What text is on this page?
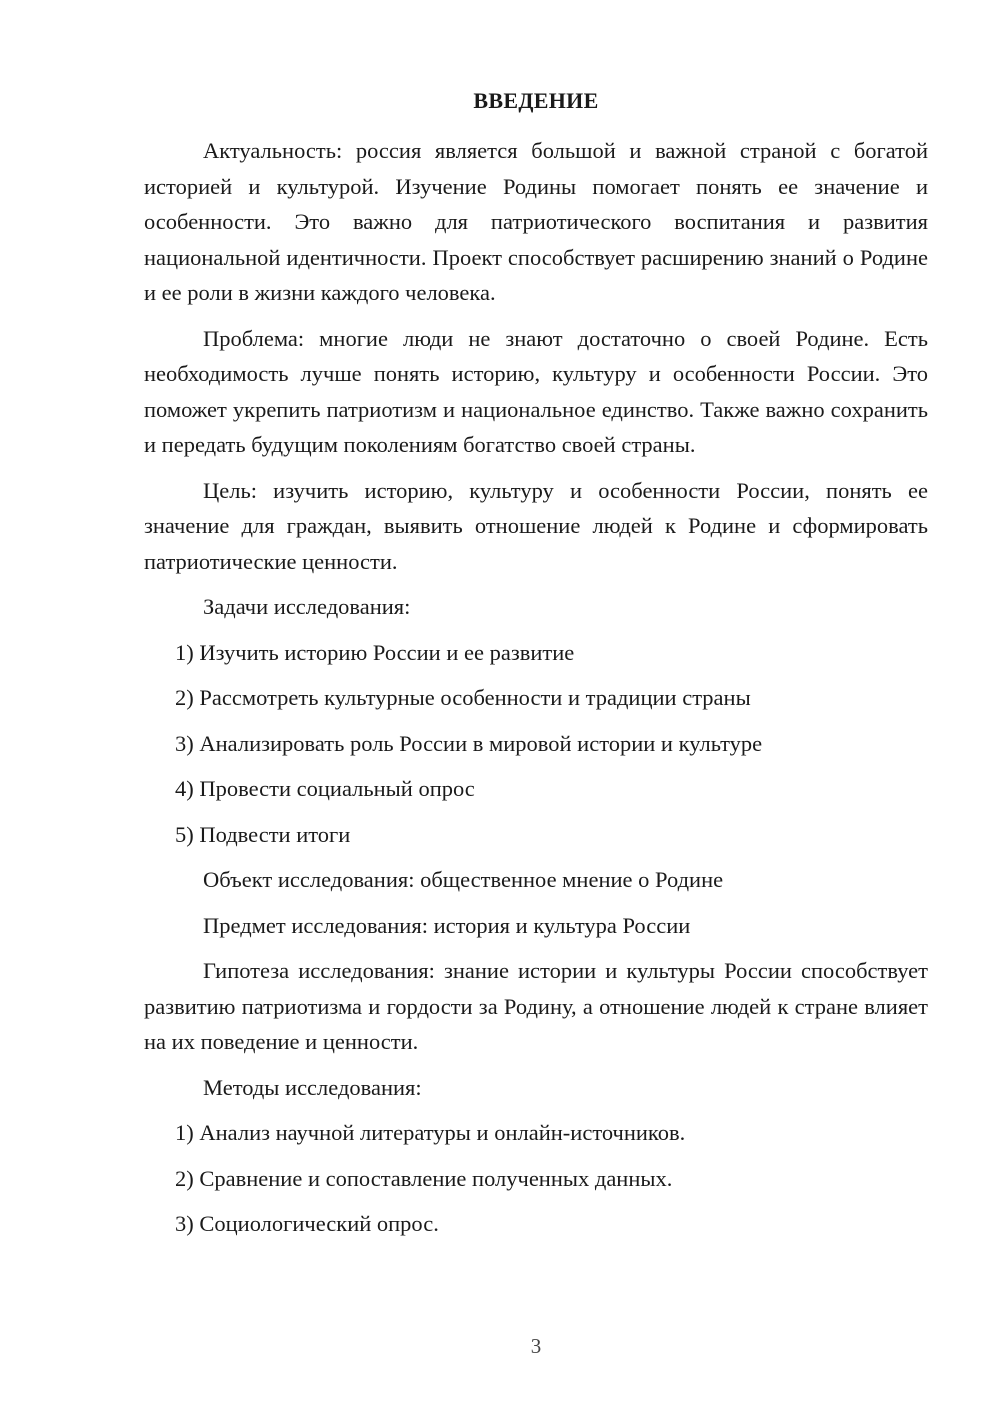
ВВЕДЕНИЕ

Актуальность: россия является большой и важной страной с богатой историей и культурой. Изучение Родины помогает понять ее значение и особенности. Это важно для патриотического воспитания и развития национальной идентичности. Проект способствует расширению знаний о Родине и ее роли в жизни каждого человека.

Проблема: многие люди не знают достаточно о своей Родине. Есть необходимость лучше понять историю, культуру и особенности России. Это поможет укрепить патриотизм и национальное единство. Также важно сохранить и передать будущим поколениям богатство своей страны.

Цель: изучить историю, культуру и особенности России, понять ее значение для граждан, выявить отношение людей к Родине и сформировать патриотические ценности.

Задачи исследования:
1) Изучить историю России и ее развитие
2) Рассмотреть культурные особенности и традиции страны
3) Анализировать роль России в мировой истории и культуре
4) Провести социальный опрос
5) Подвести итоги
Объект исследования: общественное мнение о Родине
Предмет исследования: история и культура России

Гипотеза исследования: знание истории и культуры России способствует развитию патриотизма и гордости за Родину, а отношение людей к стране влияет на их поведение и ценности.

Методы исследования:
1) Анализ научной литературы и онлайн-источников.
2) Сравнение и сопоставление полученных данных.
3) Социологический опрос.
3
